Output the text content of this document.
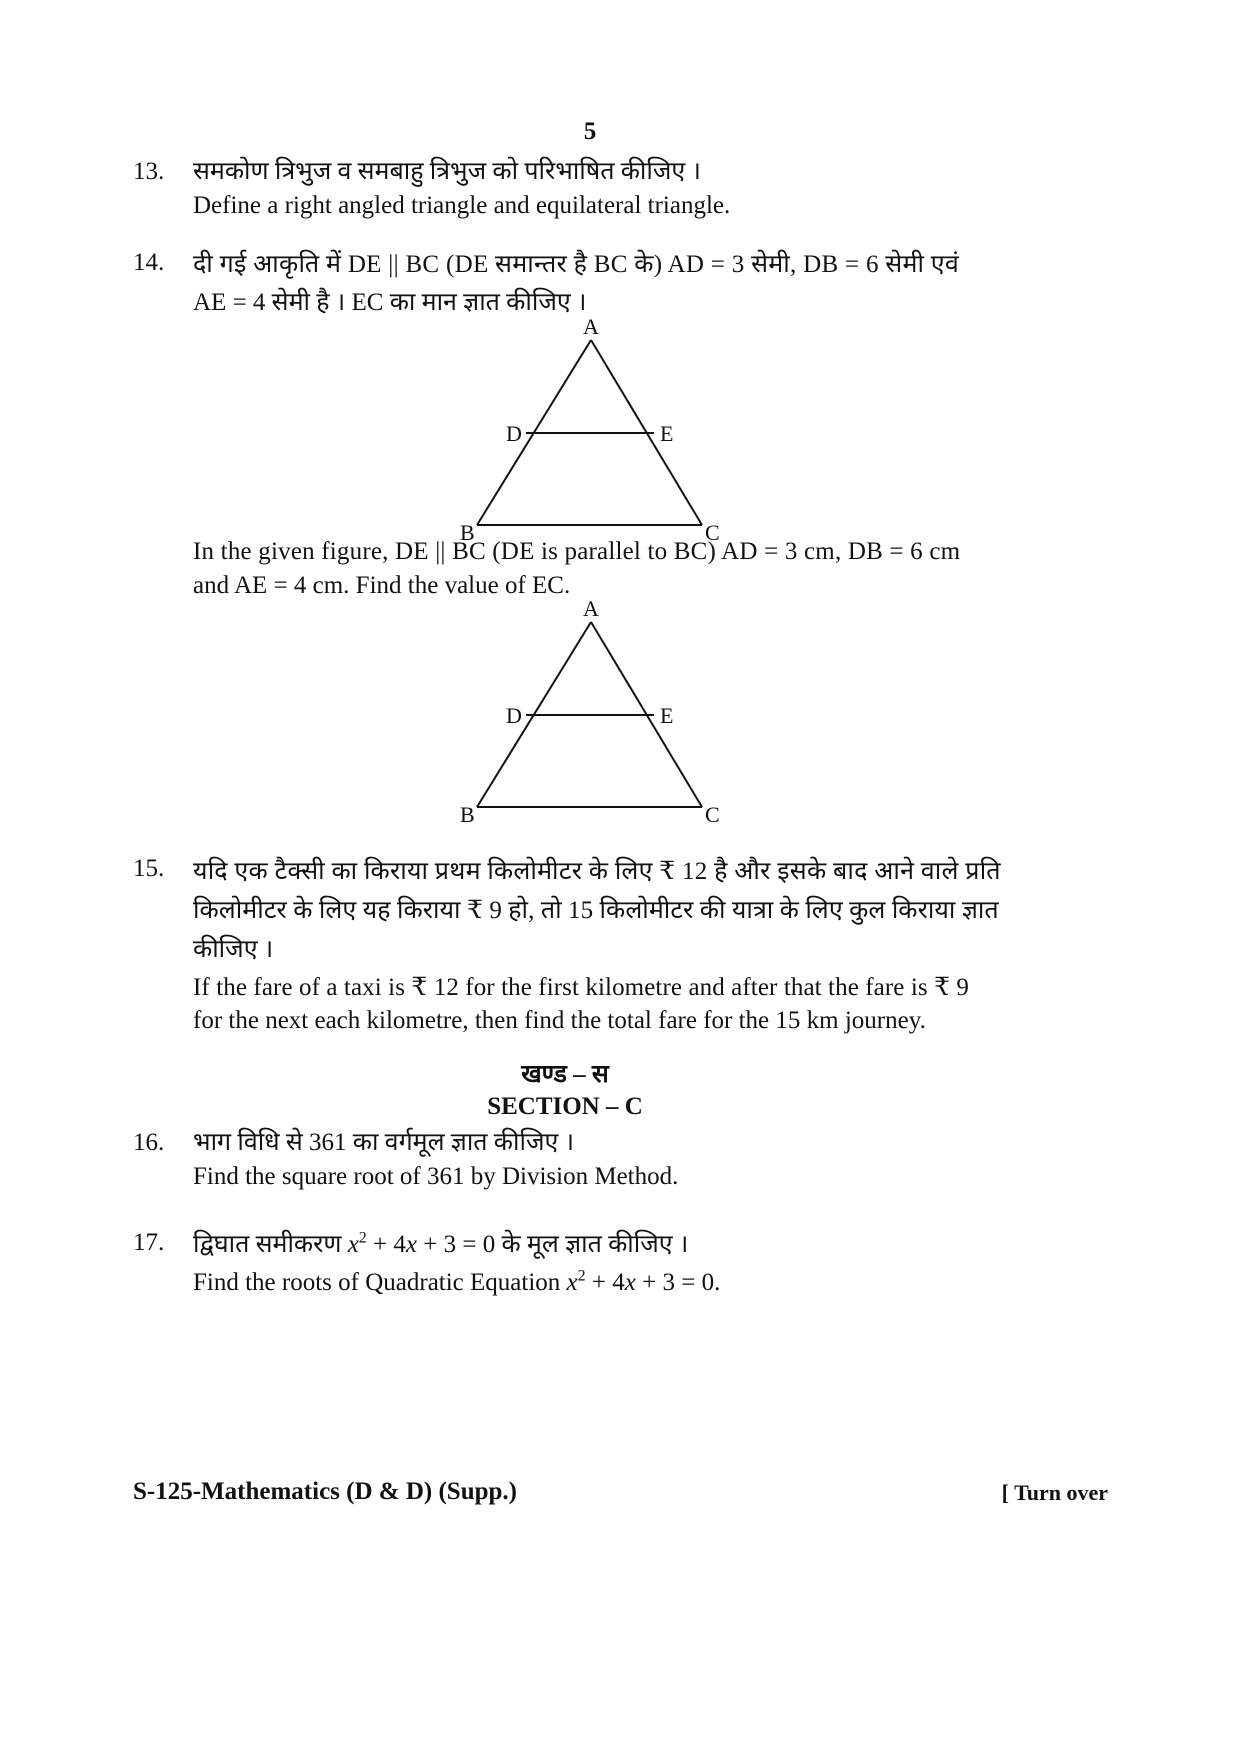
5
13.	समकोण त्रिभुज व समबाहु त्रिभुज को परिभाषित कीजिए ।
Define a right angled triangle and equilateral triangle.
14.	दी गई आकृति में DE || BC (DE समान्तर है BC के) AD = 3 सेमी, DB = 6 सेमी एवं
AE = 4 सेमी है । EC का मान ज्ञात कीजिए ।
A
D	E
B	C
In the given figure, DE || BC (DE is parallel to BC) AD = 3 cm, DB = 6 cm
and AE = 4 cm. Find the value of EC.
A
D	E
B	C
15.	यदि एक टैक्सी का किराया प्रथम किलोमीटर के लिए ₹ 12 है और इसके बाद आने वाले प्रति
किलोमीटर के लिए यह किराया ₹ 9 हो, तो 15 किलोमीटर की यात्रा के लिए कुल किराया ज्ञात
कीजिए ।
If the fare of a taxi is ₹ 12 for the first kilometre and after that the fare is ₹ 9
for the next each kilometre, then find the total fare for the 15 km journey.
खण्ड – स
SECTION – C
16.	भाग विधि से 361 का वर्गमूल ज्ञात कीजिए ।
Find the square root of 361 by Division Method.
17.	द्विघात समीकरण $x^2 + 4x + 3 = 0$ के मूल ज्ञात कीजिए ।
Find the roots of Quadratic Equation $x^2 + 4x + 3 = 0$.
S-125-Mathematics (D & D) (Supp.)	[ Turn over
